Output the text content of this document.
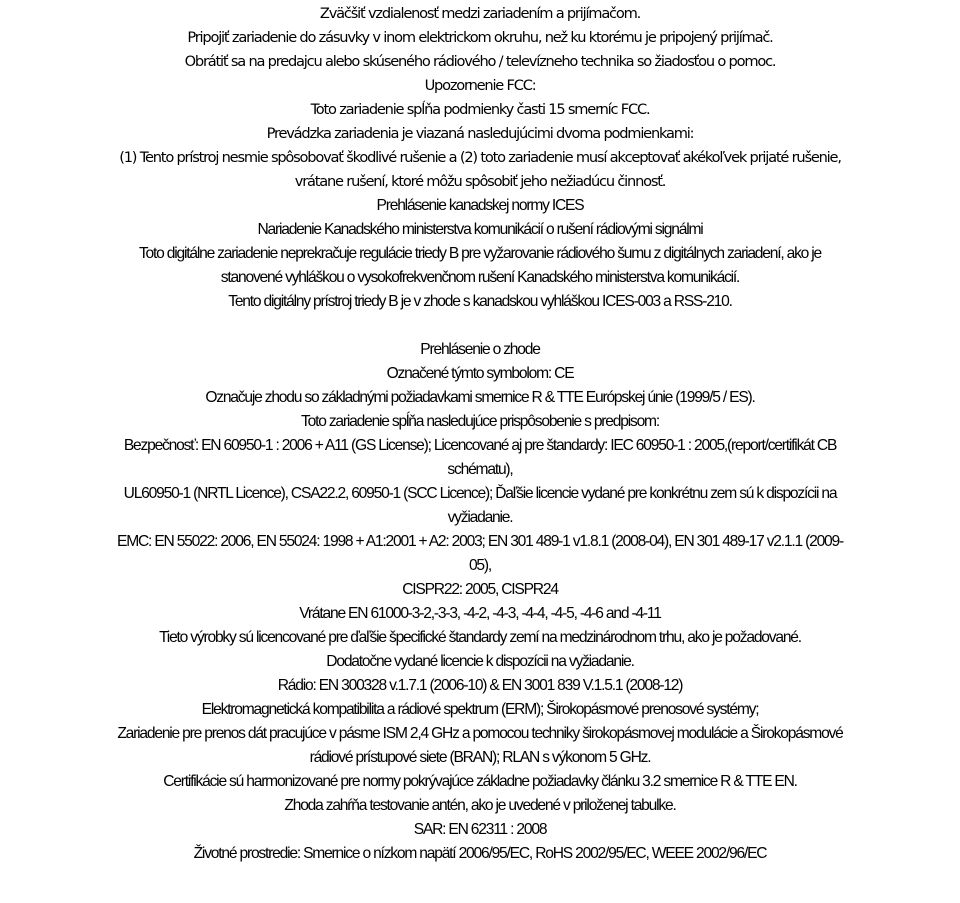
Zväčšiť vzdialenosť medzi zariadením a prijímačom.

Pripojiť zariadenie do zásuvky v inom elektrickom okruhu, než ku ktorému je pripojený prijímač.

Obrátiť sa na predajcu alebo skúseného rádiového / televízneho technika so žiadosťou o pomoc.

Upozornenie FCC:

Toto zariadenie spĺňa podmienky časti 15 smerníc FCC.

Prevádzka zariadenia je viazaná nasledujúcimi dvoma podmienkami:

(1) Tento prístroj nesmie spôsobovať škodlivé rušenie a (2) toto zariadenie musí akceptovať akékoľvek prijaté rušenie,

vrátane rušení, ktoré môžu spôsobiť jeho nežiadúcu činnosť.

Prehlásenie kanadskej normy ICES

Nariadenie Kanadského ministerstva komunikácií o rušení rádiovými signálmi

Toto digitálne zariadenie neprekračuje regulácie triedy B pre vyžarovanie rádiového šumu z digitálnych zariadení, ako je

stanovené vyhláškou o vysokofrekvenčnom rušení Kanadského ministerstva komunikácií.

Tento digitálny prístroj triedy B je v zhode s kanadskou vyhláškou ICES-003 a RSS-210.

Prehlásenie o zhode

Označené týmto symbolom: CE

Označuje zhodu so základnými požiadavkami smernice R & TTE Európskej únie (1999/5 / ES).

Toto zariadenie spĺňa nasledujúce prispôsobenie s predpisom:

Bezpečnosť: EN 60950-1 : 2006 + A11 (GS License); Licencované aj pre štandardy: IEC 60950-1 : 2005,(report/certifikát CB

schématu),

UL60950-1 (NRTL Licence), CSA22.2, 60950-1 (SCC Licence); Ďaľšie licencie vydané pre konkrétnu zem sú k dispozícii na

vyžiadanie.

EMC: EN 55022: 2006, EN 55024: 1998 + A1:2001 + A2: 2003; EN 301 489-1 v1.8.1 (2008-04), EN 301 489-17 v2.1.1 (2009-

05),

CISPR22: 2005, CISPR24

Vrátane EN 61000-3-2,-3-3, -4-2, -4-3, -4-4, -4-5, -4-6 and -4-11

Tieto výrobky sú licencované pre ďaľšie špecifické štandardy zemí na medzinárodnom trhu, ako je požadované.

Dodatočne vydané licencie k dispozícii na vyžiadanie.

Rádio: EN 300328 v.1.7.1 (2006-10) & EN 3001 839 V.1.5.1 (2008-12)

Elektromagnetická kompatibilita a rádiové spektrum (ERM); Širokopásmové prenosové systémy;

Zariadenie pre prenos dát pracujúce v pásme ISM 2,4 GHz a pomocou techniky širokopásmovej modulácie a Širokopásmové

rádiové prístupové siete (BRAN); RLAN s výkonom 5 GHz.

Certifikácie sú harmonizované pre normy pokrývajúce základne požiadavky článku 3.2 smernice R & TTE EN.

Zhoda zahŕňa testovanie antén, ako je uvedené v priloženej tabulke.

SAR: EN 62311 : 2008

Životné prostredie: Smernice o nízkom napätí 2006/95/EC, RoHS 2002/95/EC, WEEE 2002/96/EC
